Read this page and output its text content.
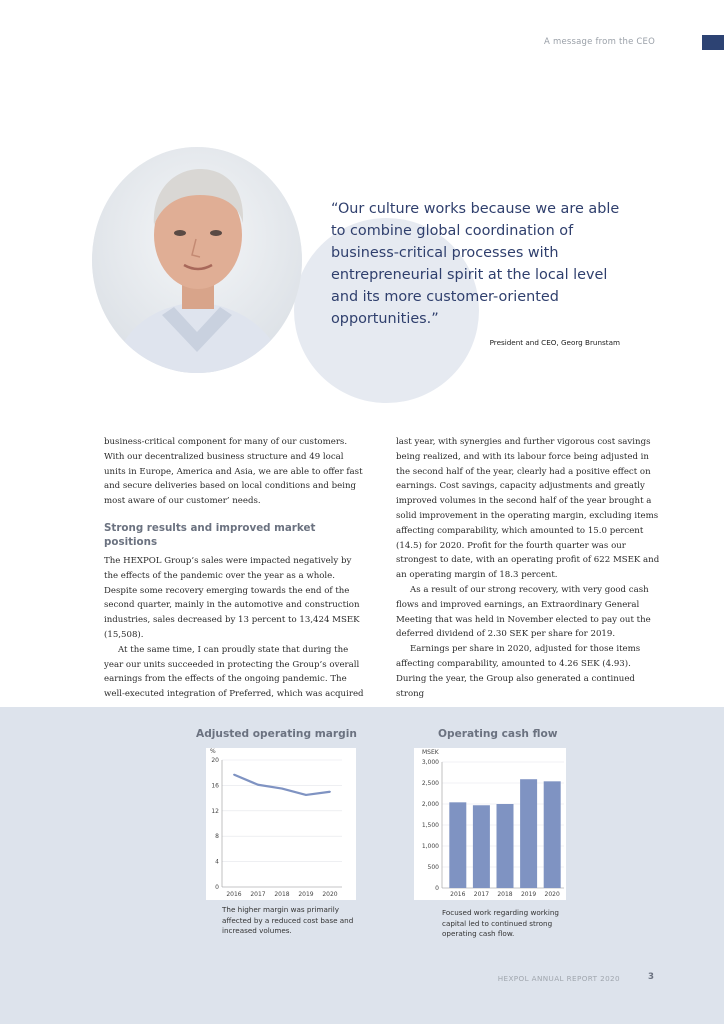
A message from the CEO
“Our culture works because we are able to combine global coordination of business-critical processes with entrepreneurial spirit at the local level and its more customer-oriented opportunities.”
President and CEO, Georg Brunstam

business-critical component for many of our customers. With our decentralized business structure and 49 local units in Europe, America and Asia, we are able to offer fast and secure deliveries based on local conditions and being most aware of our customer’ needs.

Strong results and improved market positions

The HEXPOL Group’s sales were impacted negatively by the effects of the pandemic over the year as a whole. Despite some recovery emerging towards the end of the second quarter, mainly in the automotive and construction industries, sales decreased by 13 percent to 13,424 MSEK (15,508).

At the same time, I can proudly state that during the year our units succeeded in protecting the Group’s overall earnings from the effects of the ongoing pandemic. The well-executed integration of Preferred, which was acquired

last year, with synergies and further vigorous cost savings being realized, and with its labour force being adjusted in the second half of the year, clearly had a positive effect on earnings. Cost savings, capacity adjustments and greatly improved volumes in the second half of the year brought a solid improvement in the operating margin, excluding items affecting comparability, which amounted to 15.0 percent (14.5) for 2020. Profit for the fourth quarter was our strongest to date, with an operating profit of 622 MSEK and an operating margin of 18.3 percent.

As a result of our strong recovery, with very good cash flows and improved earnings, an Extraordinary General Meeting that was held in November elected to pay out the deferred dividend of 2.30 SEK per share for 2019.

Earnings per share in 2020, adjusted for those items affecting comparability, amounted to 4.26 SEK (4.93). During the year, the Group also generated a continued strong

Adjusted operating margin
%
0
4
8
12
16
20
2016 2017 2018 2019 2020
The higher margin was primarily affected by a reduced cost base and increased volumes.
Operating cash flow
MSEK
0
500
1,000
1,500
2,000
2,500
3,000
2016 2017 2018 2019 2020
Focused work regarding working capital led to continued strong operating cash flow.
HEXPOL ANNUAL REPORT 2020	3
